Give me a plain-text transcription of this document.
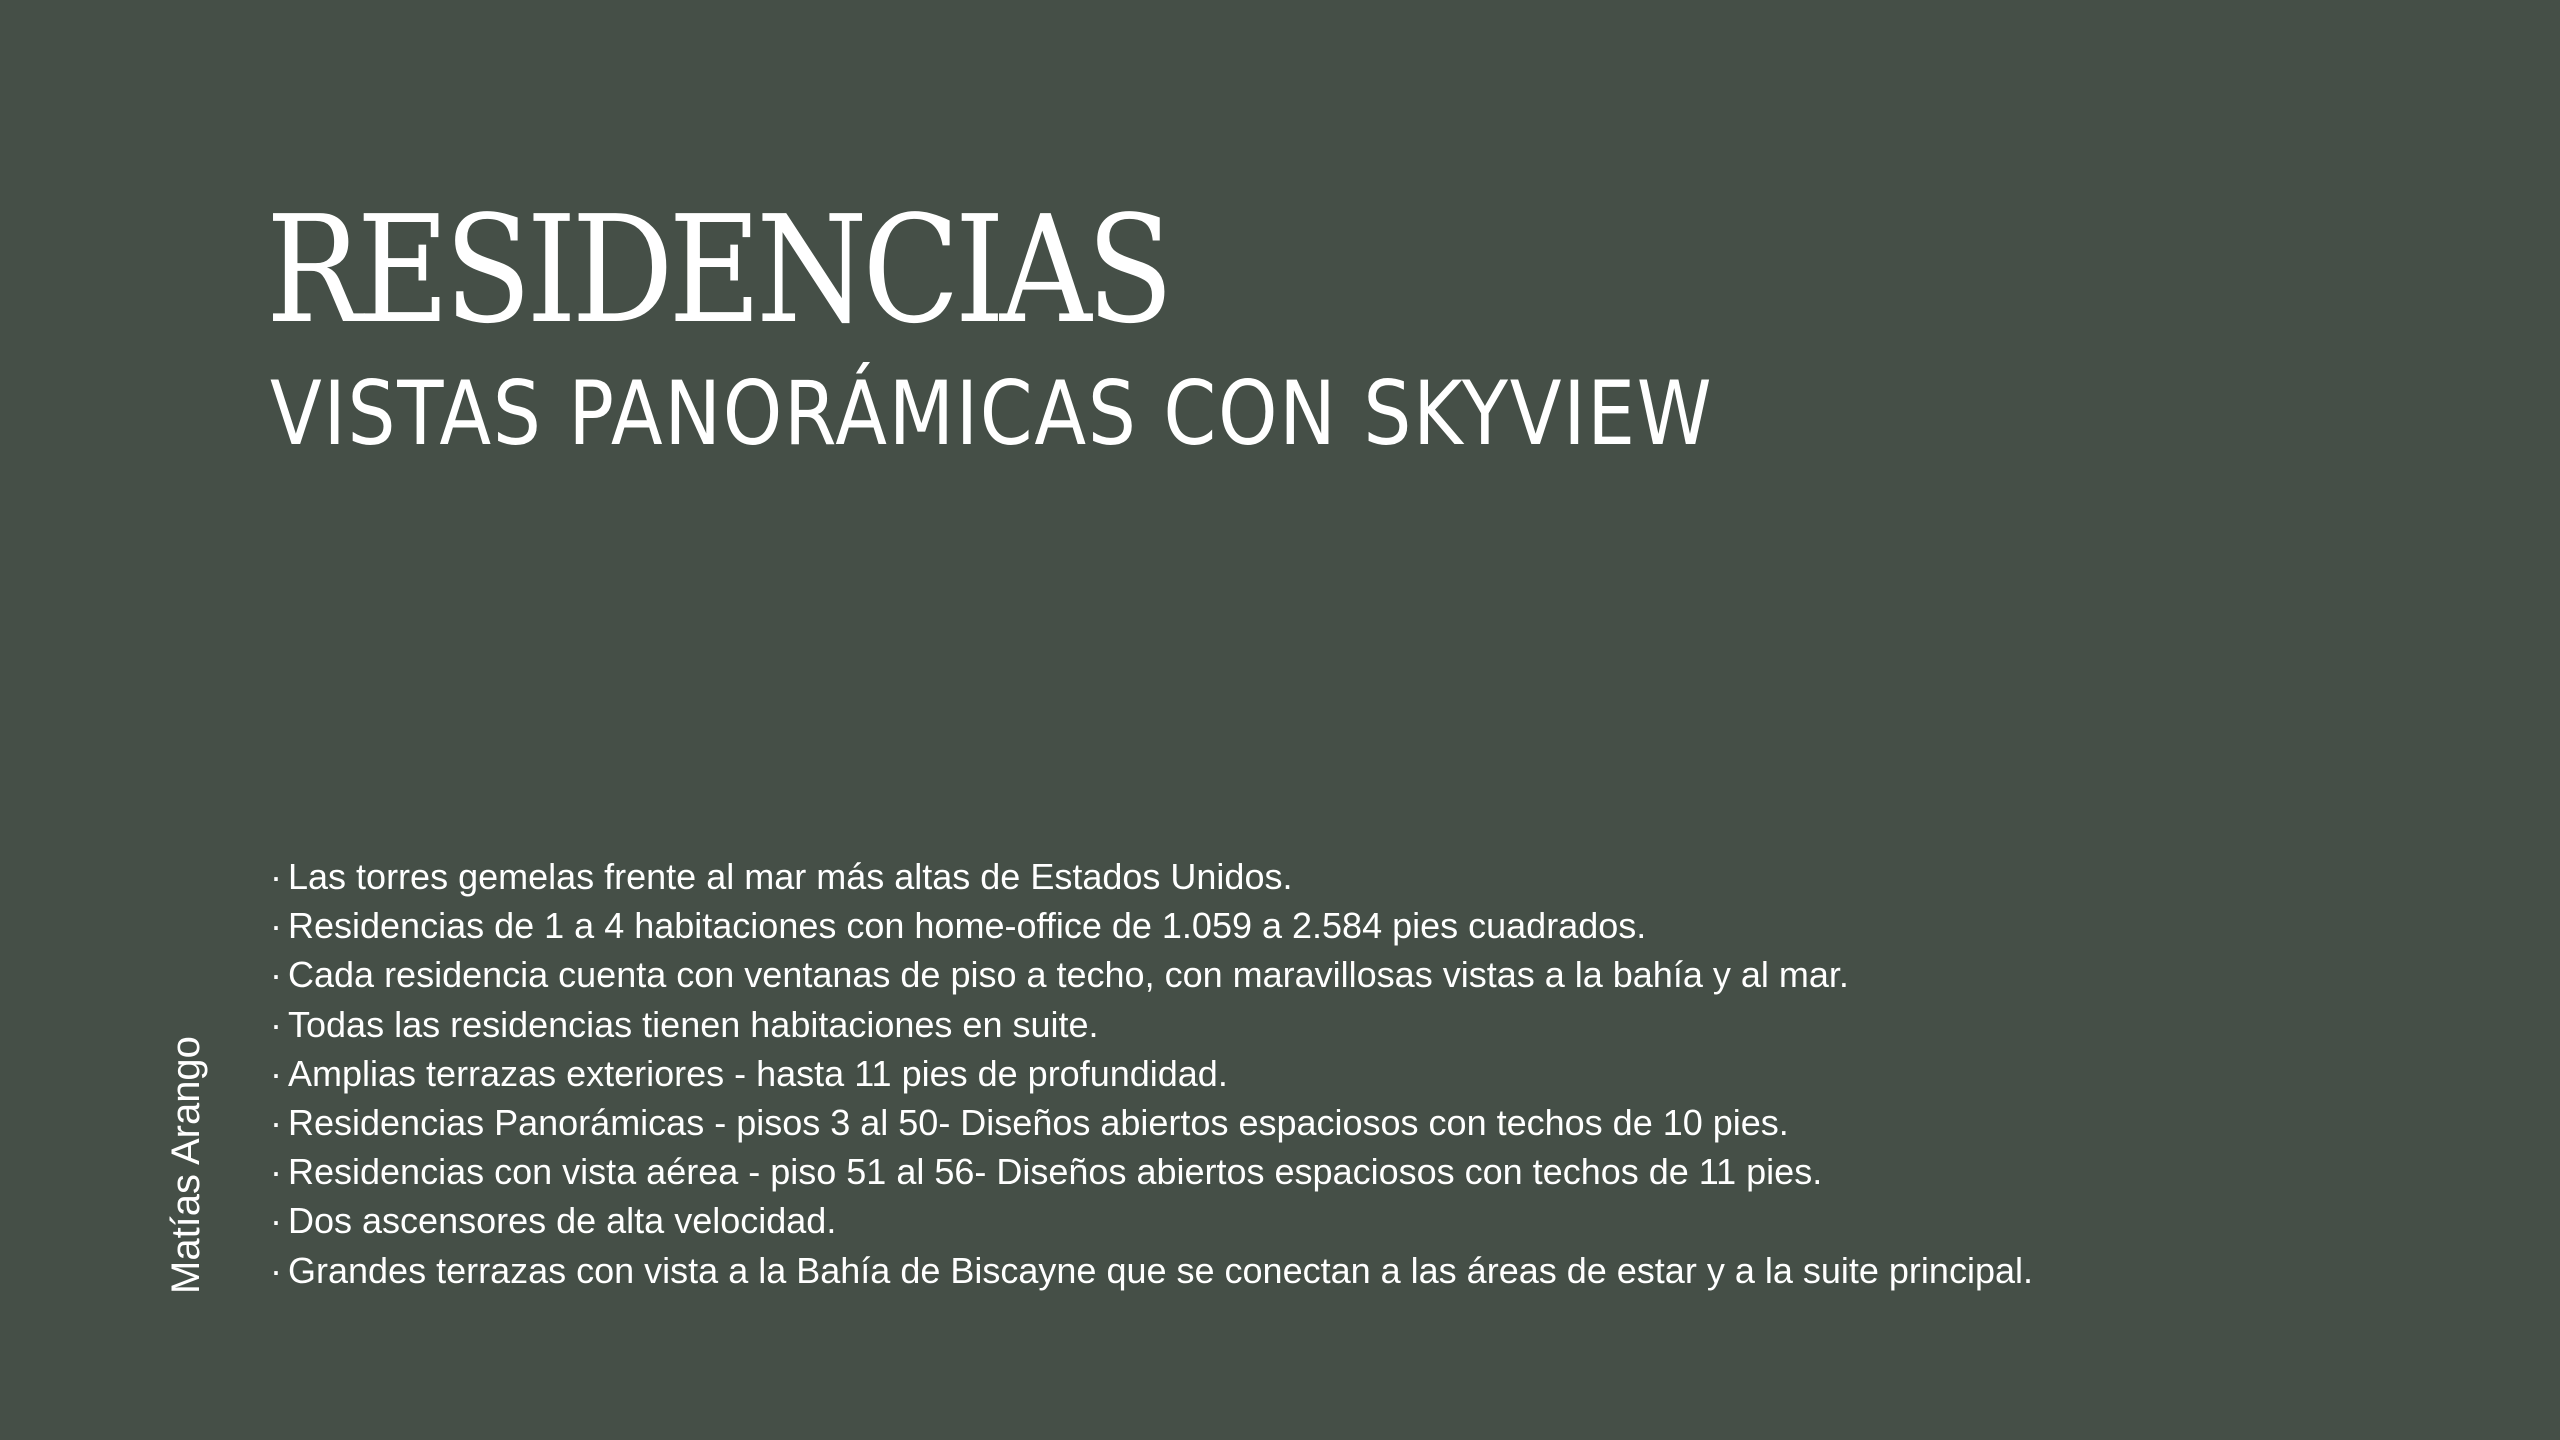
RESIDENCIAS
VISTAS PANORÁMICAS CON SKYVIEW
· Las torres gemelas frente al mar más altas de Estados Unidos.
· Residencias de 1 a 4 habitaciones con home-office de 1.059 a 2.584 pies cuadrados.
· Cada residencia cuenta con ventanas de piso a techo, con maravillosas vistas a la bahía y al mar.
· Todas las residencias tienen habitaciones en suite.
· Amplias terrazas exteriores - hasta 11 pies de profundidad.
· Residencias Panorámicas - pisos 3 al 50- Diseños abiertos espaciosos con techos de 10 pies.
· Residencias con vista aérea - piso 51 al 56- Diseños abiertos espaciosos con techos de 11 pies.
· Dos ascensores de alta velocidad.
· Grandes terrazas con vista a la Bahía de Biscayne que se conectan a las áreas de estar y a la suite principal.
Matías Arango
